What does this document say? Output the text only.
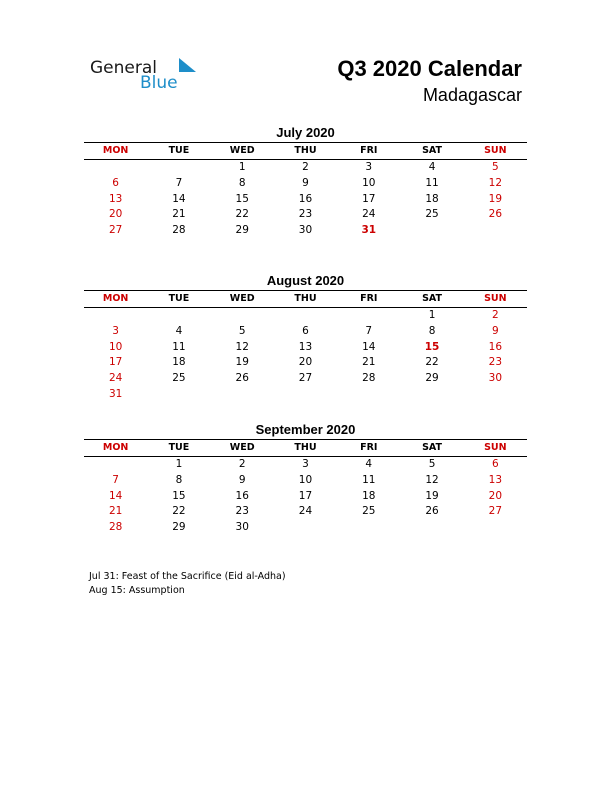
General
Blue
Q3 2020 Calendar
Madagascar
July 2020
MON	TUE	WED	THU	FRI	SAT	SUN
		1	2	3	4	5
6	7	8	9	10	11	12
13	14	15	16	17	18	19
20	21	22	23	24	25	26
27	28	29	30	31		
August 2020
MON	TUE	WED	THU	FRI	SAT	SUN
					1	2
3	4	5	6	7	8	9
10	11	12	13	14	15	16
17	18	19	20	21	22	23
24	25	26	27	28	29	30
31						
September 2020
MON	TUE	WED	THU	FRI	SAT	SUN
	1	2	3	4	5	6
7	8	9	10	11	12	13
14	15	16	17	18	19	20
21	22	23	24	25	26	27
28	29	30				
Jul 31: Feast of the Sacrifice (Eid al-Adha)
Aug 15: Assumption
